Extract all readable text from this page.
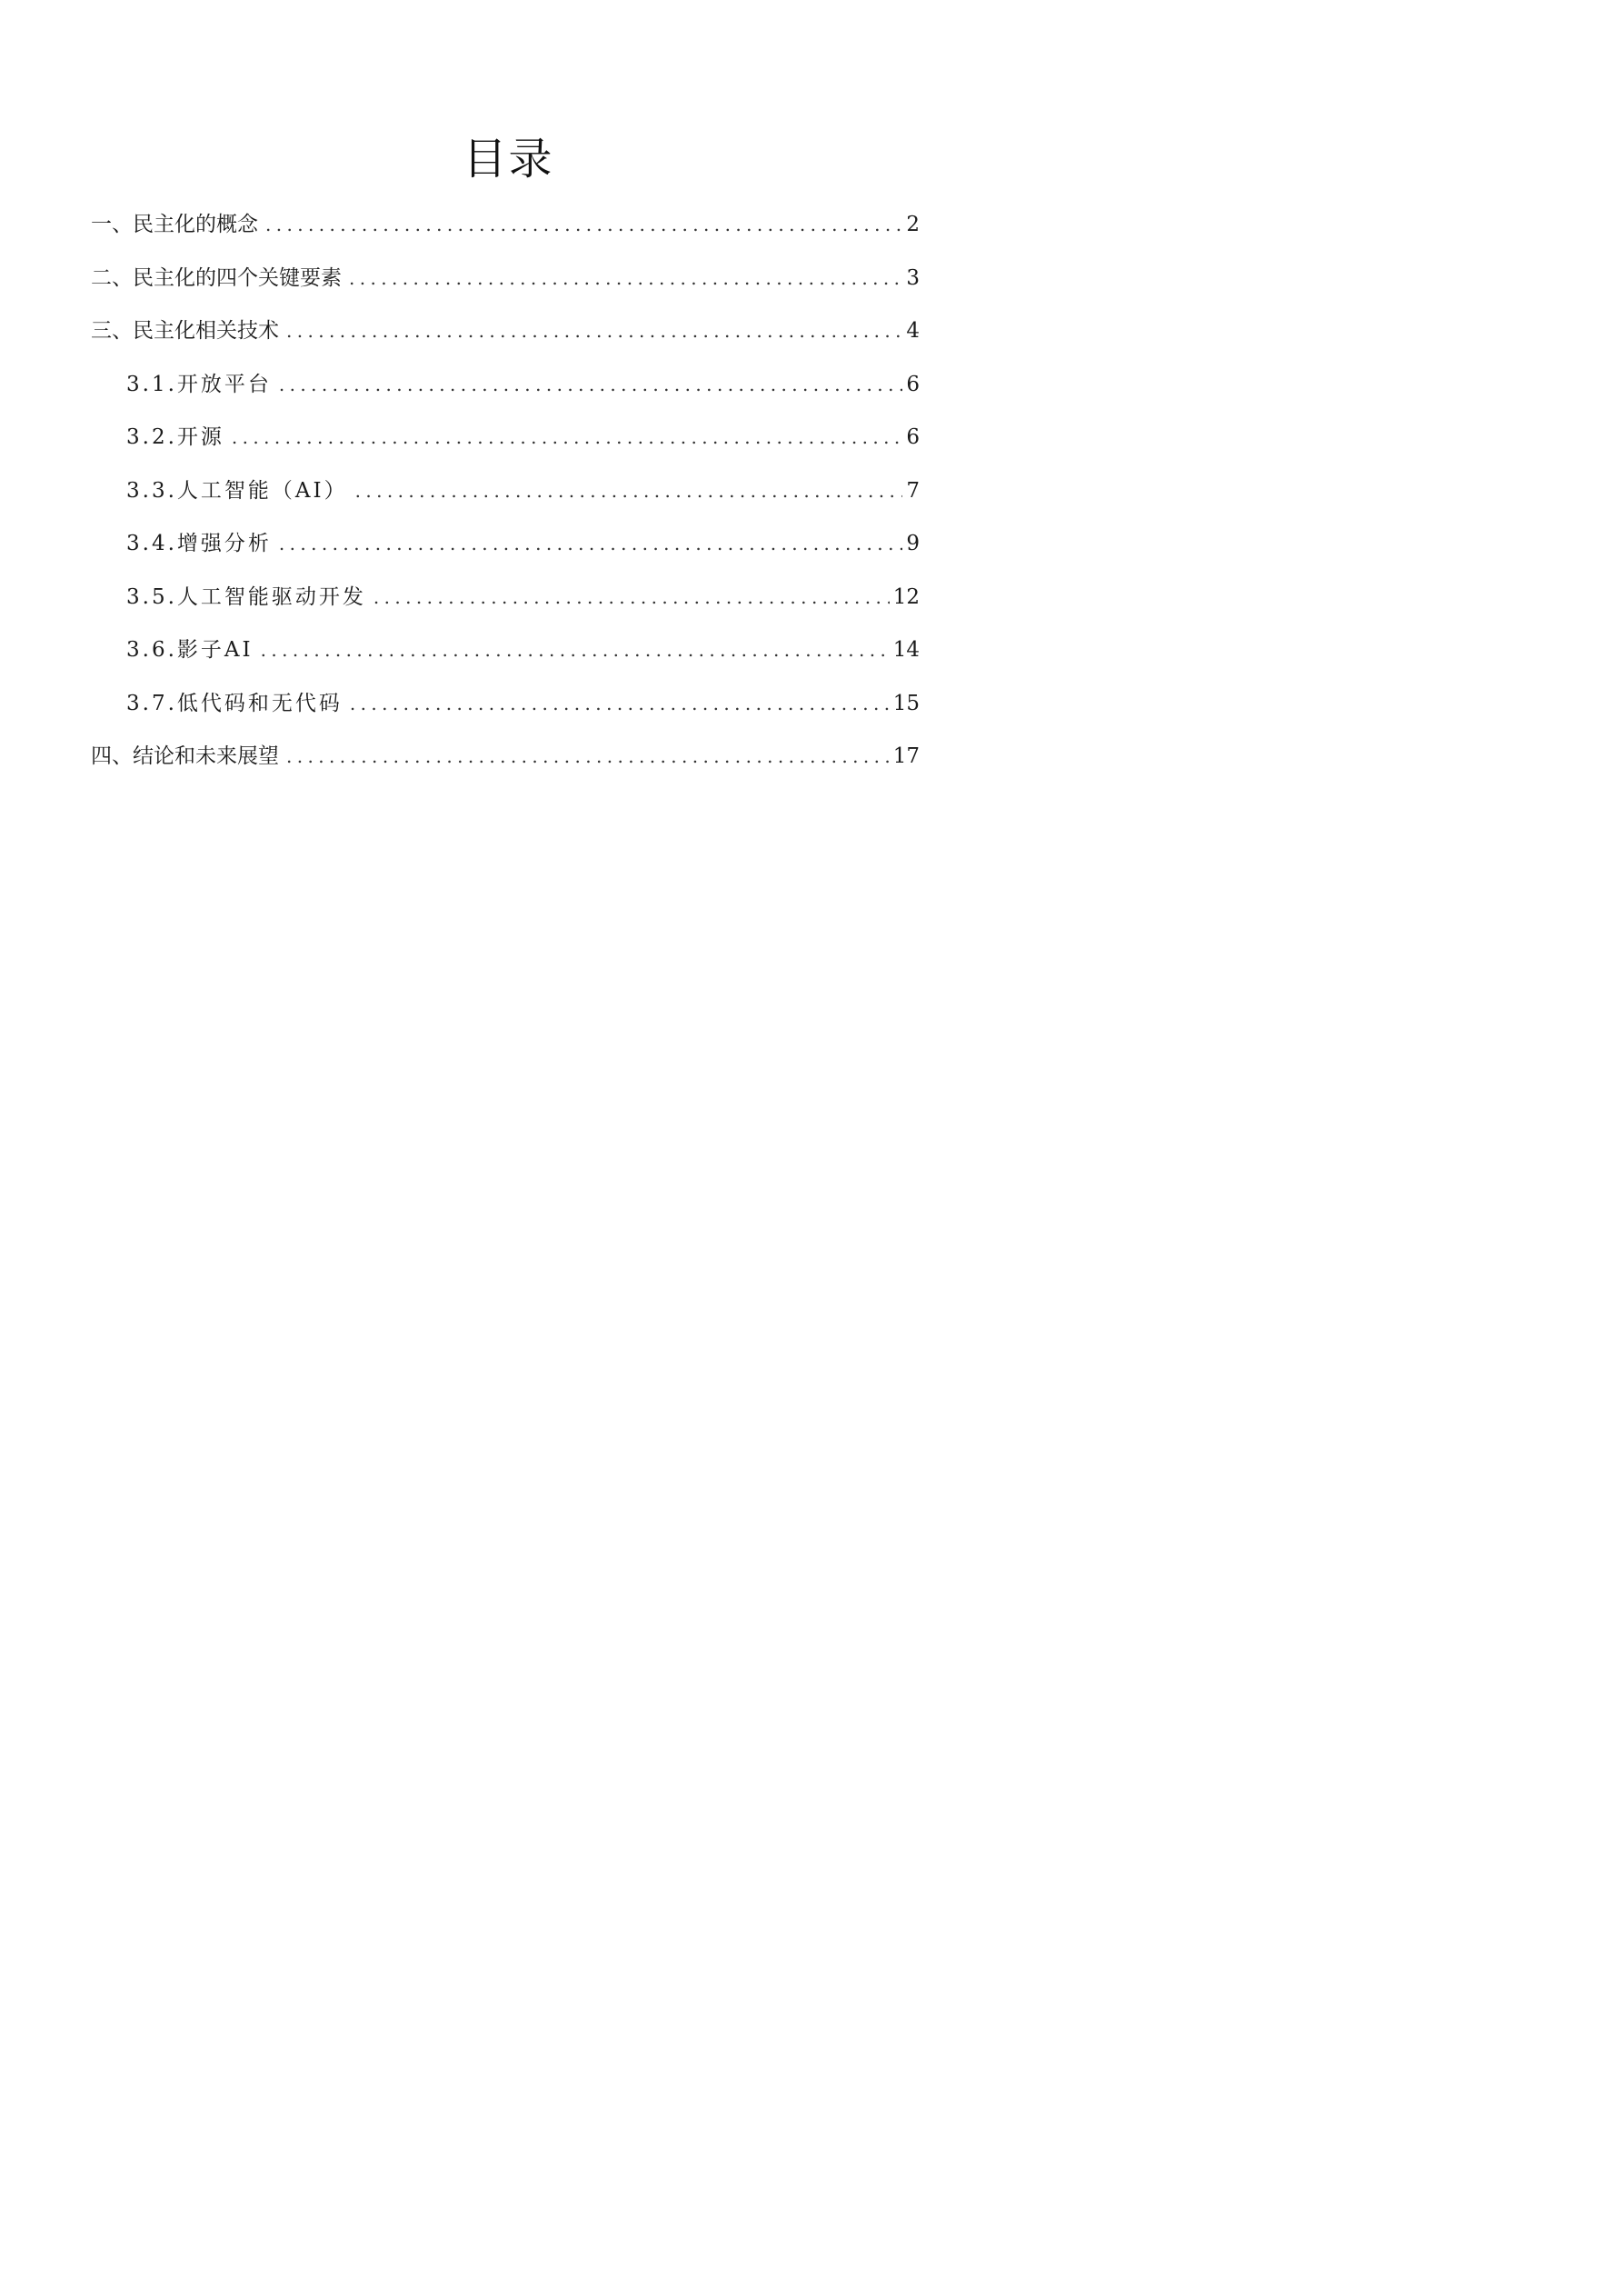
目录
一、 民主化的概念 .....	2
二、 民主化的四个关键要素 .....	3
三、 民主化相关技术 .....	4
3.1. 开放平台 .....	6
3.2. 开源 .....	6
3.3. 人工智能（AI） .....	7
3.4. 增强分析 .....	9
3.5. 人工智能驱动开发 .....	12
3.6. 影子AI .....	14
3.7. 低代码和无代码 .....	15
四、 结论和未来展望 .....	17
